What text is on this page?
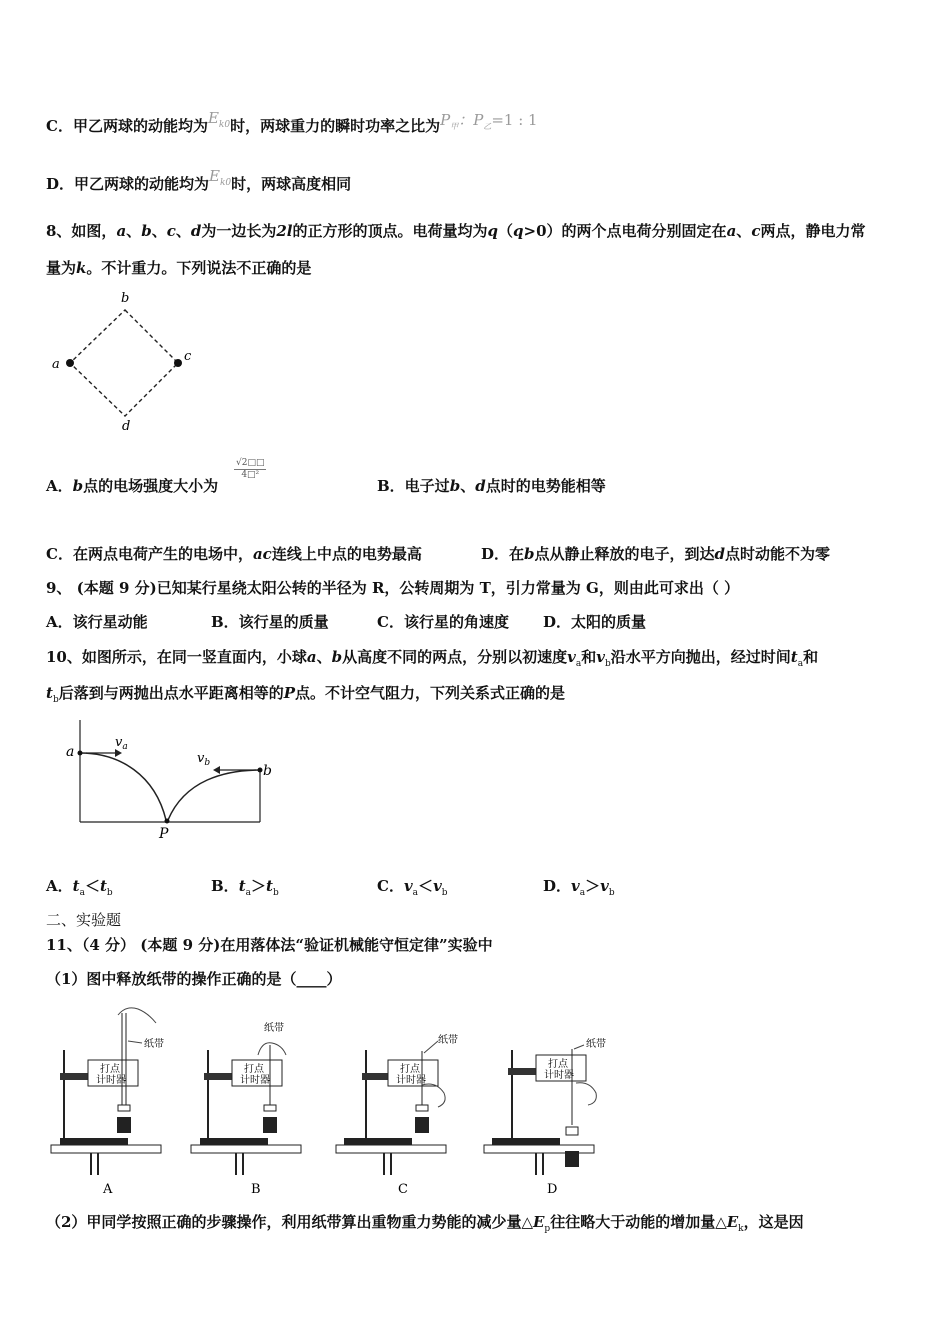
C．甲乙两球的动能均为$E_{k0}$时，两球重力的瞬时功率之比为$P_甲$：$P_乙=1$ : 1
D．甲乙两球的动能均为$E_{k0}$时，两球高度相同
8、如图，a、b、c、d为一边长为2l的正方形的顶点。电荷量均为q（q>0）的两个点电荷分别固定在a、c两点，静电力常
量为k。不计重力。下列说法不正确的是
b
a
c
d
A．b点的电场强度大小为
$\frac{√2□□}{\text{4□²}}$
B．电子过b、d点时的电势能相等
C．在两点电荷产生的电场中，ac连线上中点的电势最高	D．在b点从静止释放的电子，到达d点时动能不为零
9、 (本题 9 分)已知某行星绕太阳公转的半径为 R，公转周期为 T，引力常量为 G，则由此可求出（ ）
A．该行星动能	B．该行星的质量	C．该行星的角速度 D．太阳的质量
10、如图所示，在同一竖直面内，小球a、b从高度不同的两点，分别以初速度$v_a$和$v_b$沿水平方向抛出，经过时间$t_a$和
$t_b$后落到与两抛出点水平距离相等的P点。不计空气阻力，下列关系式正确的是
a
b
P
$v_a$
$v_b$
A．$t_a<t_b$	B．$t_a>t_b$	C．$v_a<v_b$	D．$v_a>v_b$
二、实验题
11、（4 分） (本题 9 分)在用落体法“验证机械能守恒定律”实验中
（1）图中释放纸带的操作正确的是（____）
打点
计时器
纸带
A
打点
计时器
纸带
B
打点
计时器
纸带
C
打点
计时器
纸带
D
（2）甲同学按照正确的步骤操作，利用纸带算出重物重力势能的减少量$\triangle E_p$往往略大于动能的增加量$\triangle E_k$，这是因
